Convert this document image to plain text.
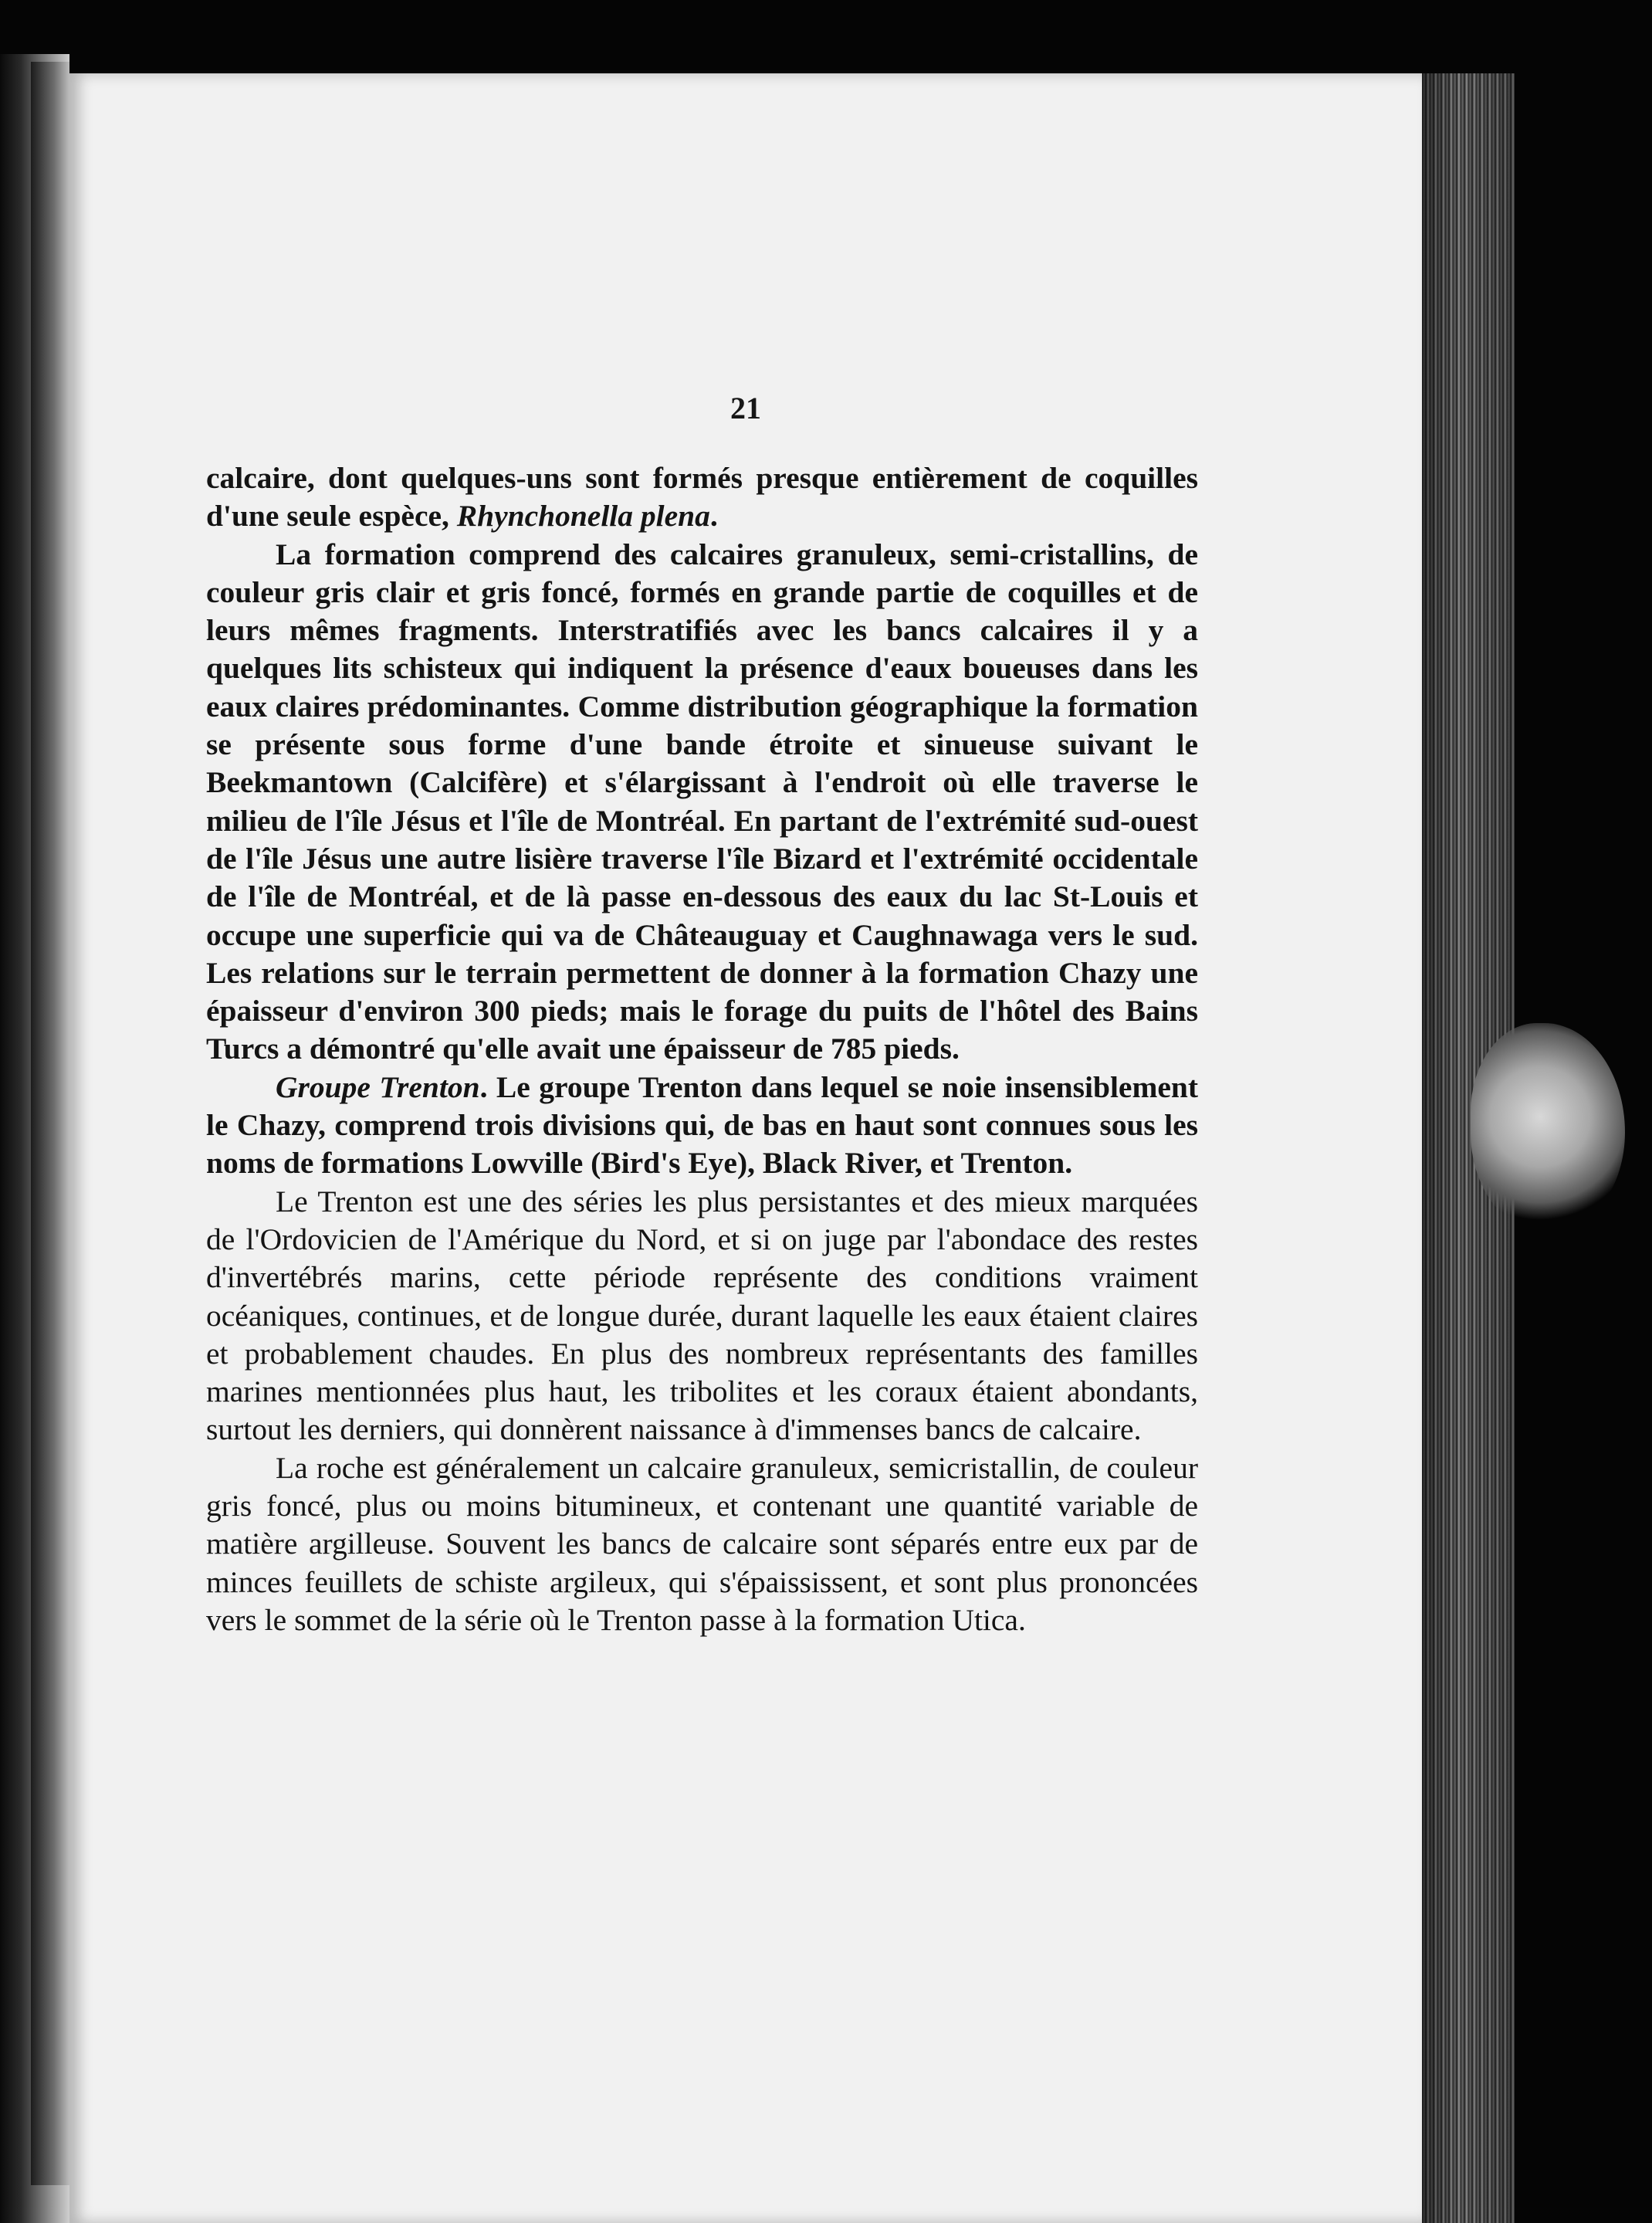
21

calcaire, dont quelques-uns sont formés presque entièrement de coquilles d'une seule espèce, Rhynchonella plena.

La formation comprend des calcaires granuleux, semi-cristallins, de couleur gris clair et gris foncé, formés en grande partie de coquilles et de leurs mêmes fragments. Interstratifiés avec les bancs calcaires il y a quelques lits schisteux qui indiquent la présence d'eaux boueuses dans les eaux claires prédominantes. Comme distribution géographique la formation se présente sous forme d'une bande étroite et sinueuse suivant le Beekmantown (Calcifère) et s'élargissant à l'endroit où elle traverse le milieu de l'île Jésus et l'île de Montréal. En partant de l'extrémité sud-ouest de l'île Jésus une autre lisière traverse l'île Bizard et l'extrémité occidentale de l'île de Montréal, et de là passe en-dessous des eaux du lac St-Louis et occupe une superficie qui va de Châteauguay et Caughnawaga vers le sud. Les relations sur le terrain permettent de donner à la formation Chazy une épaisseur d'environ 300 pieds; mais le forage du puits de l'hôtel des Bains Turcs a démontré qu'elle avait une épaisseur de 785 pieds.

Groupe Trenton. Le groupe Trenton dans lequel se noie insensiblement le Chazy, comprend trois divisions qui, de bas en haut sont connues sous les noms de formations Lowville (Bird's Eye), Black River, et Trenton.

Le Trenton est une des séries les plus persistantes et des mieux marquées de l'Ordovicien de l'Amérique du Nord, et si on juge par l'abondace des restes d'invertébrés marins, cette période représente des conditions vraiment océaniques, continues, et de longue durée, durant laquelle les eaux étaient claires et probablement chaudes. En plus des nombreux représentants des familles marines mentionnées plus haut, les tribolites et les coraux étaient abondants, surtout les derniers, qui donnèrent naissance à d'immenses bancs de calcaire.

La roche est généralement un calcaire granuleux, semicristallin, de couleur gris foncé, plus ou moins bitumineux, et contenant une quantité variable de matière argilleuse. Souvent les bancs de calcaire sont séparés entre eux par de minces feuillets de schiste argileux, qui s'épaississent, et sont plus prononcées vers le sommet de la série où le Trenton passe à la formation Utica.
